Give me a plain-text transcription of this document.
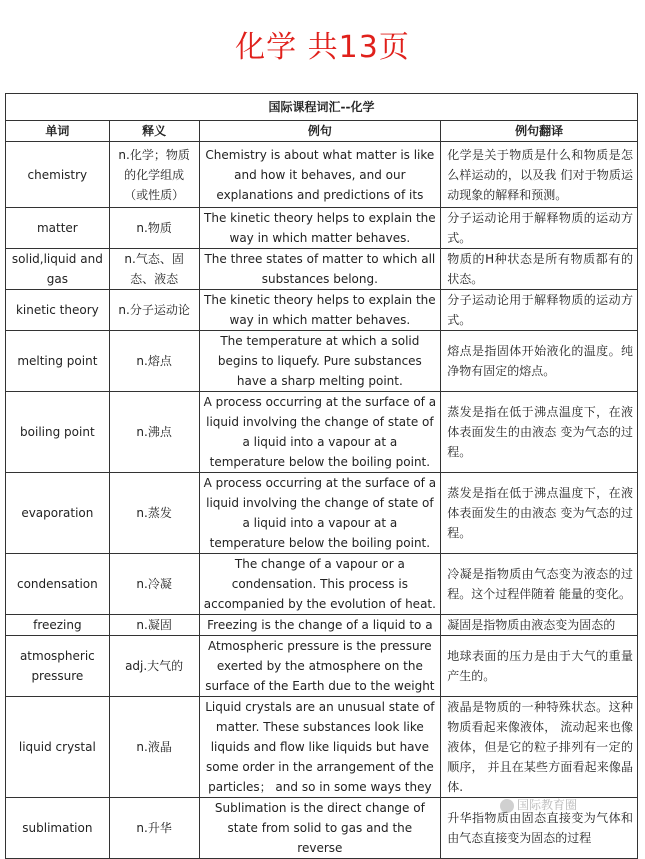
化学 共13页
国际课程词汇--化学			
单词	释义	例句	例句翻译
chemistry	n.化学；物质的化学组成（或性质）	Chemistry is about what matter is like and how it behaves, and our explanations and predictions of its	化学是关于物质是什么和物质是怎么样运动的，以及我 们对于物质运动现象的解释和预测。
matter	n.物质	The kinetic theory helps to explain the way in which matter behaves.	分子运动论用于解释物质的运动方式。
solid,liquid and gas	n.气态、固态、液态	The three states of matter to which all substances belong.	物质的H种状态是所有物质都有的状态。
kinetic theory	n.分子运动论	The kinetic theory helps to explain the way in which matter behaves.	分子运动论用于解释物质的运动方式。
melting point	n.熔点	The temperature at which a solid begins to liquefy. Pure substances have a sharp melting point.	熔点是指固体开始液化的温度。纯净物有固定的熔点。
boiling point	n.沸点	A process occurring at the surface of a liquid involving the change of state of a liquid into a vapour at a temperature below the boiling point.	蒸发是指在低于沸点温度下，在液体表面发生的由液态 变为气态的过程。
evaporation	n.蒸发	A process occurring at the surface of a liquid involving the change of state of a liquid into a vapour at a temperature below the boiling point.	蒸发是指在低于沸点温度下，在液体表面发生的由液态 变为气态的过程。
condensation	n.冷凝	The change of a vapour or a condensation. This process is accompanied by the evolution of heat.	冷凝是指物质由气态变为液态的过程。这个过程伴随着 能量的变化。
freezing	n.凝固	Freezing is the change of a liquid to a	凝固是指物质由液态变为固态的
atmospheric pressure	adj.大气的	Atmospheric pressure is the pressure exerted by the atmosphere on the surface of the Earth due to the weight	地球表面的压力是由于大气的重量产生的。
liquid crystal	n.液晶	Liquid crystals are an unusual state of matter. These substances look like liquids and flow like liquids but have some order in the arrangement of the particles； and so in some ways they	液晶是物质的一种特殊状态。这种物质看起来像液体， 流动起来也像液体，但是它的粒子排列有一定的顺序， 并且在某些方面看起来像晶体.
sublimation	n.升华	Sublimation is the direct change of state from solid to gas and the reverse	升华指物质由固态直接变为气体和由气态直接变为固态的过程
国际教育圈
